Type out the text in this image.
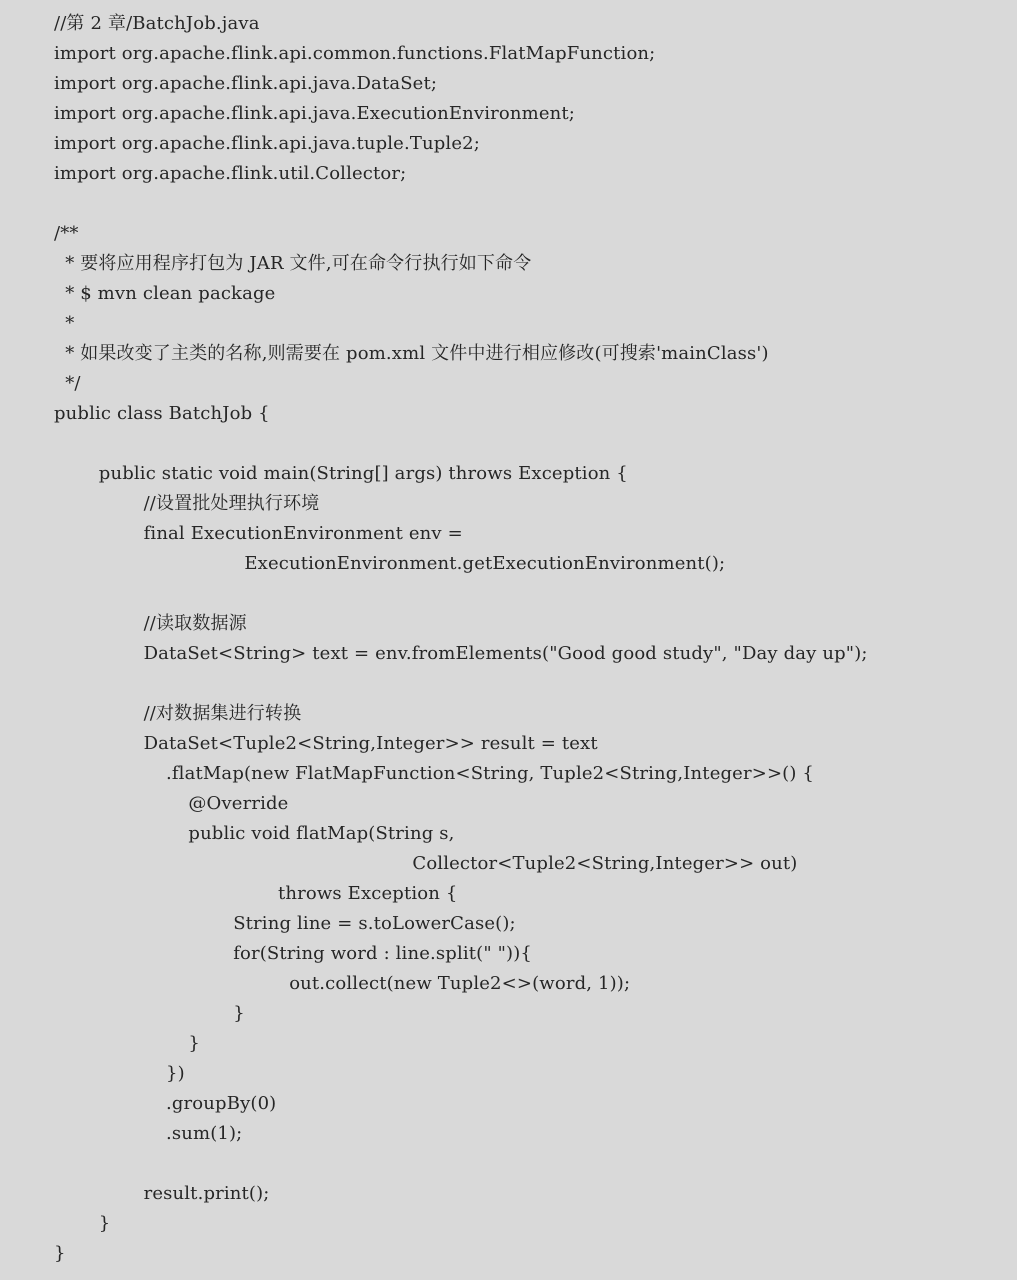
//第 2 章/BatchJob.java
import org.apache.flink.api.common.functions.FlatMapFunction;
import org.apache.flink.api.java.DataSet;
import org.apache.flink.api.java.ExecutionEnvironment;
import org.apache.flink.api.java.tuple.Tuple2;
import org.apache.flink.util.Collector;
/**
* 要将应用程序打包为 JAR 文件,可在命令行执行如下命令
* $ mvn clean package
*
* 如果改变了主类的名称,则需要在 pom.xml 文件中进行相应修改(可搜索'mainClass')
*/
public class BatchJob {
public static void main(String[] args) throws Exception {
//设置批处理执行环境
final ExecutionEnvironment env =
ExecutionEnvironment.getExecutionEnvironment();
//读取数据源
DataSet<String> text = env.fromElements("Good good study", "Day day up");
//对数据集进行转换
DataSet<Tuple2<String,Integer>> result = text
.flatMap(new FlatMapFunction<String, Tuple2<String,Integer>>() {
@Override
public void flatMap(String s,
Collector<Tuple2<String,Integer>> out)
throws Exception {
String line = s.toLowerCase();
for(String word : line.split(" ")){
out.collect(new Tuple2<>(word, 1));
}
}
})
.groupBy(0)
.sum(1);
result.print();
}
}
